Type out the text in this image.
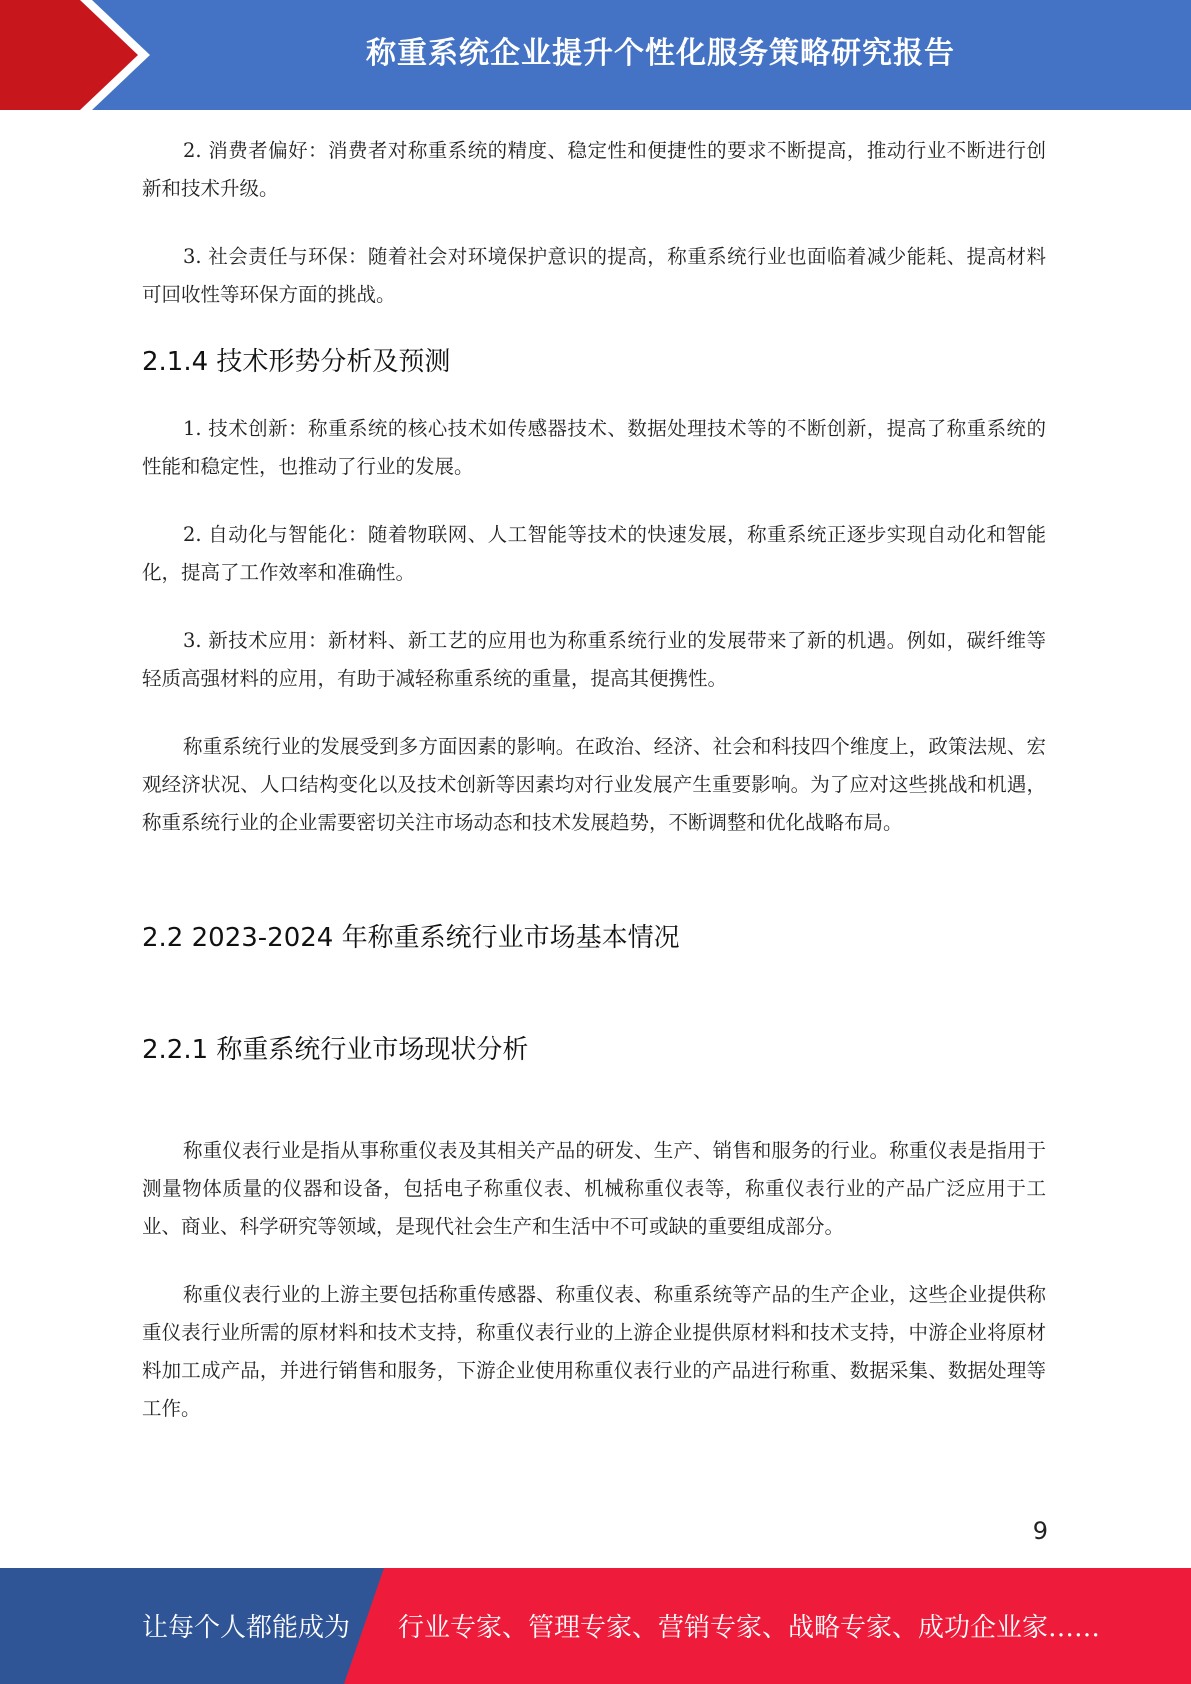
称重系统企业提升个性化服务策略研究报告

2. 消费者偏好：消费者对称重系统的精度、稳定性和便捷性的要求不断提高，推动行业不断进行创新和技术升级。

3. 社会责任与环保：随着社会对环境保护意识的提高，称重系统行业也面临着减少能耗、提高材料可回收性等环保方面的挑战。

2.1.4 技术形势分析及预测

1. 技术创新：称重系统的核心技术如传感器技术、数据处理技术等的不断创新，提高了称重系统的性能和稳定性，也推动了行业的发展。

2. 自动化与智能化：随着物联网、人工智能等技术的快速发展，称重系统正逐步实现自动化和智能化，提高了工作效率和准确性。

3. 新技术应用：新材料、新工艺的应用也为称重系统行业的发展带来了新的机遇。例如，碳纤维等轻质高强材料的应用，有助于减轻称重系统的重量，提高其便携性。

称重系统行业的发展受到多方面因素的影响。在政治、经济、社会和科技四个维度上，政策法规、宏观经济状况、人口结构变化以及技术创新等因素均对行业发展产生重要影响。为了应对这些挑战和机遇，称重系统行业的企业需要密切关注市场动态和技术发展趋势，不断调整和优化战略布局。

2.2 2023-2024 年称重系统行业市场基本情况
2.2.1 称重系统行业市场现状分析

称重仪表行业是指从事称重仪表及其相关产品的研发、生产、销售和服务的行业。称重仪表是指用于测量物体质量的仪器和设备，包括电子称重仪表、机械称重仪表等，称重仪表行业的产品广泛应用于工业、商业、科学研究等领域，是现代社会生产和生活中不可或缺的重要组成部分。

称重仪表行业的上游主要包括称重传感器、称重仪表、称重系统等产品的生产企业，这些企业提供称重仪表行业所需的原材料和技术支持，称重仪表行业的上游企业提供原材料和技术支持，中游企业将原材料加工成产品，并进行销售和服务，下游企业使用称重仪表行业的产品进行称重、数据采集、数据处理等工作。

9
让每个人都能成为 行业专家、管理专家、营销专家、战略专家、成功企业家……
